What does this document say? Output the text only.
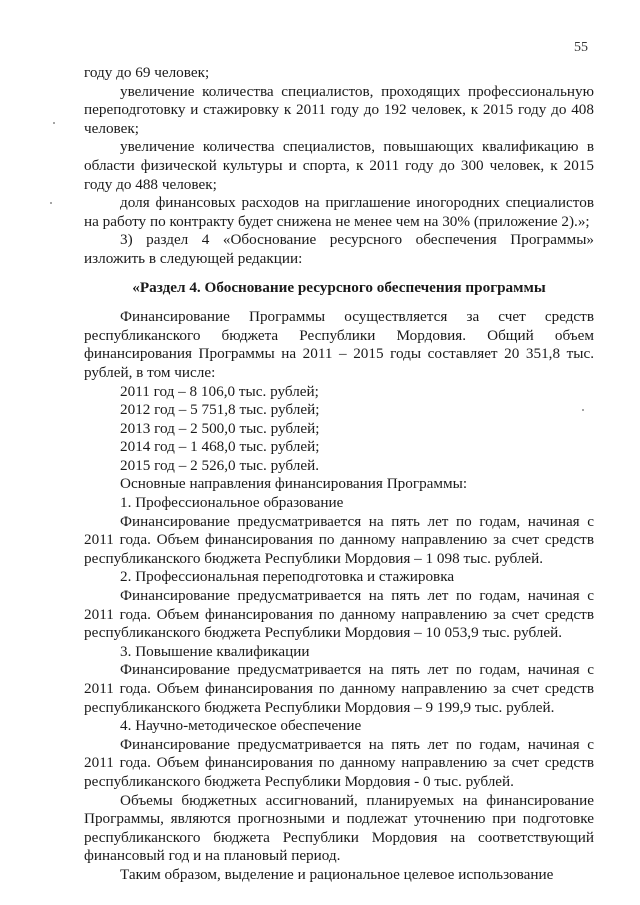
55

году до 69 человек;

увеличение количества специалистов, проходящих профессиональную переподготовку и стажировку к 2011 году до 192 человек, к 2015 году до 408 человек;

увеличение количества специалистов, повышающих квалификацию в области физической культуры и спорта, к 2011 году до 300 человек, к 2015 году до 488 человек;

доля финансовых расходов на приглашение иногородних специалистов на работу по контракту будет снижена не менее чем на 30% (приложение 2).»;

3) раздел 4 «Обоснование ресурсного обеспечения Программы» изложить в следующей редакции:

«Раздел 4. Обоснование ресурсного обеспечения программы

Финансирование Программы осуществляется за счет средств республиканского бюджета Республики Мордовия. Общий объем финансирования Программы на 2011 – 2015 годы составляет 20 351,8 тыс. рублей, в том числе:

2011 год – 8 106,0 тыс. рублей;

2012 год – 5 751,8 тыс. рублей;

2013 год – 2 500,0 тыс. рублей;

2014 год – 1 468,0 тыс. рублей;

2015 год – 2 526,0 тыс. рублей.

Основные направления финансирования Программы:

1. Профессиональное образование

Финансирование предусматривается на пять лет по годам, начиная с 2011 года. Объем финансирования по данному направлению за счет средств республиканского бюджета Республики Мордовия – 1 098 тыс. рублей.

2. Профессиональная переподготовка и стажировка

Финансирование предусматривается на пять лет по годам, начиная с 2011 года. Объем финансирования по данному направлению за счет средств республиканского бюджета Республики Мордовия – 10 053,9 тыс. рублей.

3. Повышение квалификации

Финансирование предусматривается на пять лет по годам, начиная с 2011 года. Объем финансирования по данному направлению за счет средств республиканского бюджета Республики Мордовия – 9 199,9 тыс. рублей.

4. Научно-методическое обеспечение

Финансирование предусматривается на пять лет по годам, начиная с 2011 года. Объем финансирования по данному направлению за счет средств республиканского бюджета Республики Мордовия - 0 тыс. рублей.

Объемы бюджетных ассигнований, планируемых на финансирование Программы, являются прогнозными и подлежат уточнению при подготовке республиканского бюджета Республики Мордовия на соответствующий финансовый год и на плановый период.

Таким образом, выделение и рациональное целевое использование
